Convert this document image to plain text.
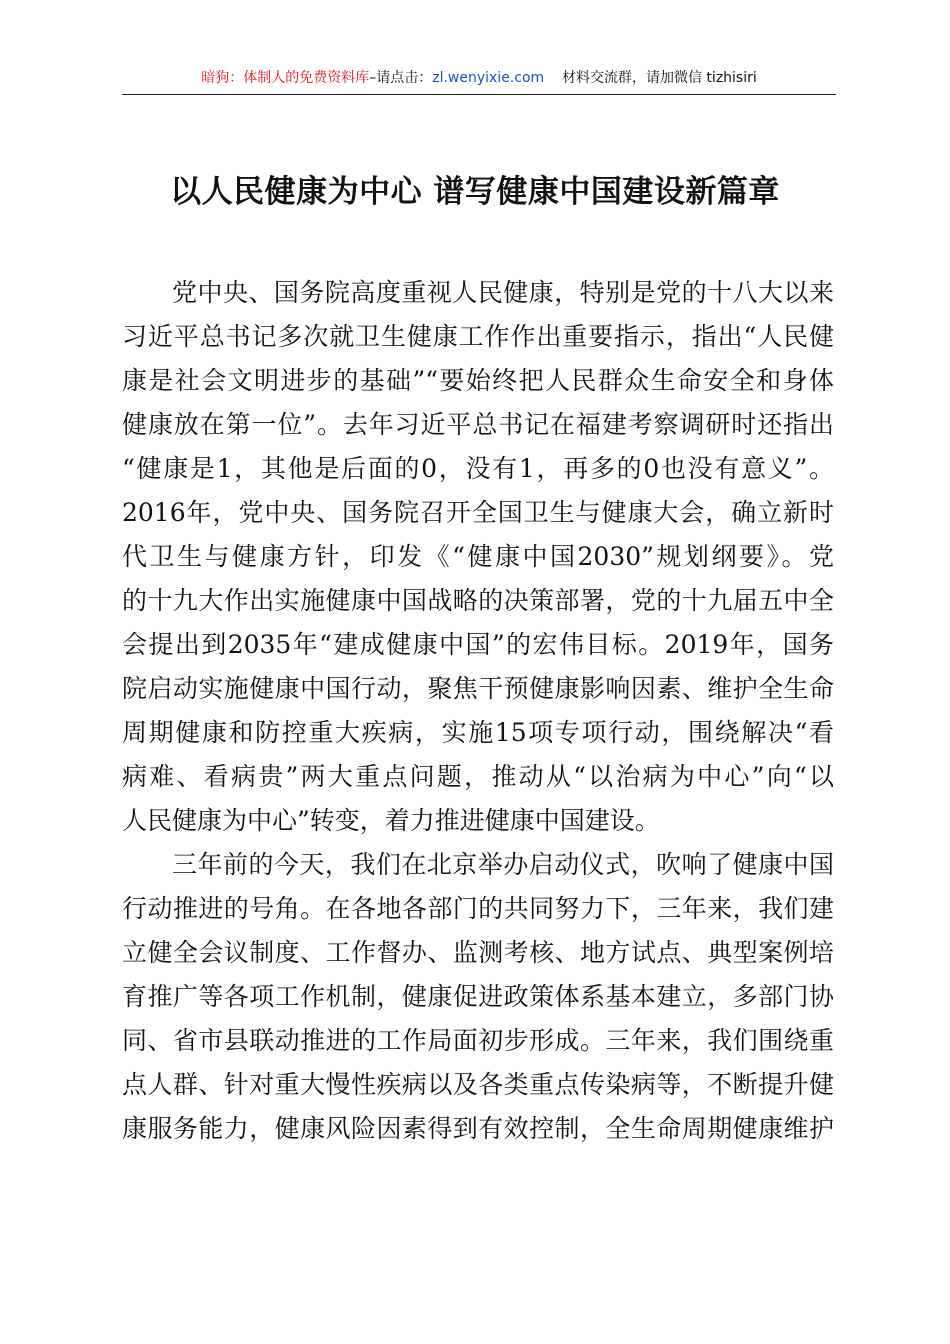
暗狗：体制人的免费资料库–请点击：zl.wenyixie.com 材料交流群，请加微信 tizhisiri
以人民健康为中心 谱写健康中国建设新篇章
党中央、国务院高度重视人民健康，特别是党的十八大以来
习近平总书记多次就卫生健康工作作出重要指示，指出“人民健
康是社会文明进步的基础”“要始终把人民群众生命安全和身体
健康放在第一位”。去年习近平总书记在福建考察调研时还指出
“健康是1，其他是后面的0，没有1，再多的0也没有意义”。
2016年，党中央、国务院召开全国卫生与健康大会，确立新时
代卫生与健康方针，印发《“健康中国2030”规划纲要》。党
的十九大作出实施健康中国战略的决策部署，党的十九届五中全
会提出到2035年“建成健康中国”的宏伟目标。2019年，国务
院启动实施健康中国行动，聚焦干预健康影响因素、维护全生命
周期健康和防控重大疾病，实施15项专项行动，围绕解决“看
病难、看病贵”两大重点问题，推动从“以治病为中心”向“以
人民健康为中心”转变，着力推进健康中国建设。
三年前的今天，我们在北京举办启动仪式，吹响了健康中国
行动推进的号角。在各地各部门的共同努力下，三年来，我们建
立健全会议制度、工作督办、监测考核、地方试点、典型案例培
育推广等各项工作机制，健康促进政策体系基本建立，多部门协
同、省市县联动推进的工作局面初步形成。三年来，我们围绕重
点人群、针对重大慢性疾病以及各类重点传染病等，不断提升健
康服务能力，健康风险因素得到有效控制，全生命周期健康维护
